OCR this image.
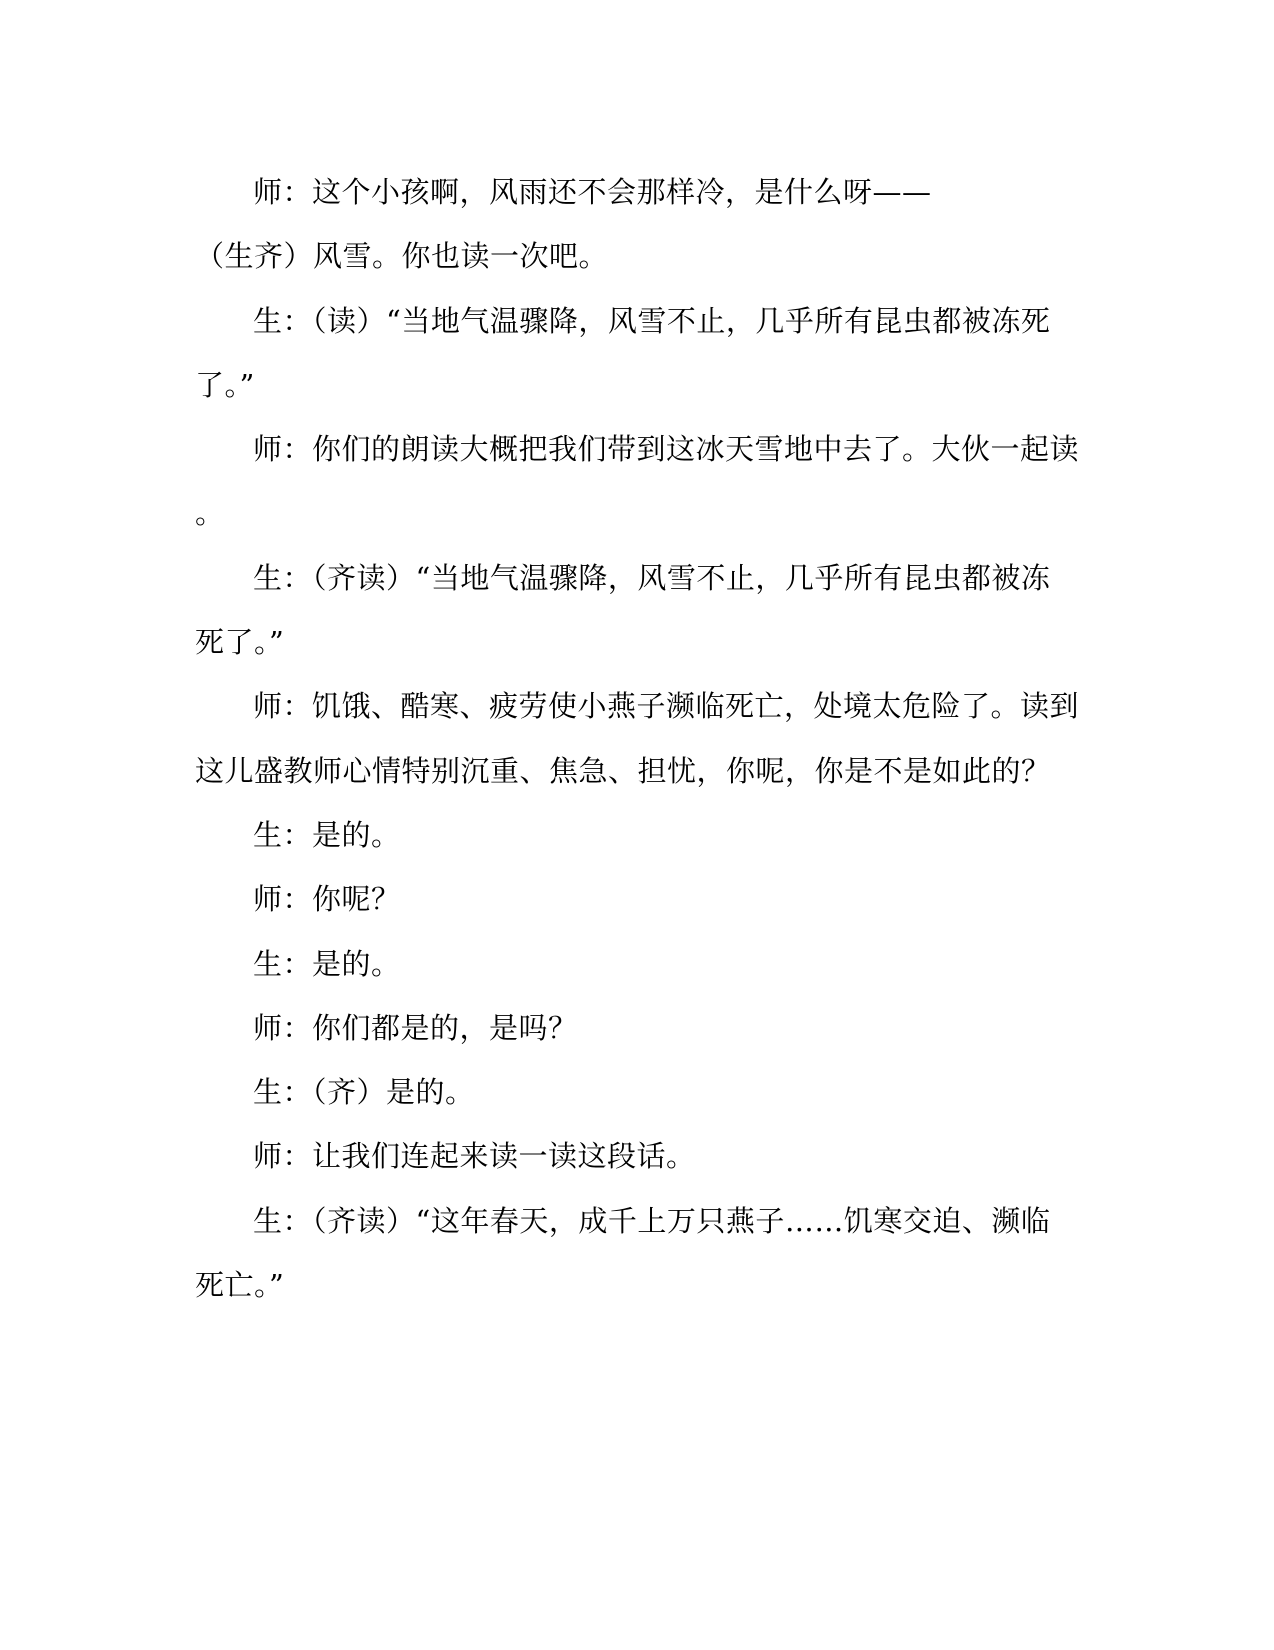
师：这个小孩啊，风雨还不会那样冷，是什么呀——
（生齐）风雪。你也读一次吧。
生：（读）“当地气温骤降，风雪不止，几乎所有昆虫都被冻死
了。”
师：你们的朗读大概把我们带到这冰天雪地中去了。大伙一起读
。
生：（齐读）“当地气温骤降，风雪不止，几乎所有昆虫都被冻
死了。”
师：饥饿、酷寒、疲劳使小燕子濒临死亡，处境太危险了。读到
这儿盛教师心情特别沉重、焦急、担忧，你呢，你是不是如此的？
生：是的。
师：你呢？
生：是的。
师：你们都是的，是吗？
生：（齐）是的。
师：让我们连起来读一读这段话。
生：（齐读）“这年春天，成千上万只燕子……饥寒交迫、濒临
死亡。”
